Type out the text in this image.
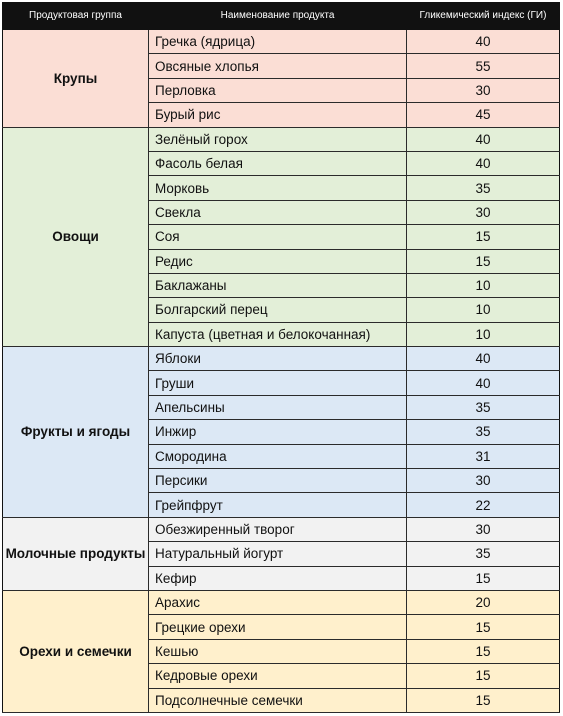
Продуктовая группа	Наименование продукта	Гликемический индекс (ГИ)
Крупы	Гречка (ядрица)	40
	Овсяные хлопья	55
	Перловка	30
	Бурый рис	45
Овощи	Зелёный горох	40
	Фасоль белая	40
	Морковь	35
	Свекла	30
	Соя	15
	Редис	15
	Баклажаны	10
	Болгарский перец	10
	Капуста (цветная и белокочанная)	10
Фрукты и ягоды	Яблоки	40
	Груши	40
	Апельсины	35
	Инжир	35
	Смородина	31
	Персики	30
	Грейпфрут	22
Молочные продукты	Обезжиренный творог	30
	Натуральный йогурт	35
	Кефир	15
Орехи и семечки	Арахис	20
	Грецкие орехи	15
	Кешью	15
	Кедровые орехи	15
	Подсолнечные семечки	15
